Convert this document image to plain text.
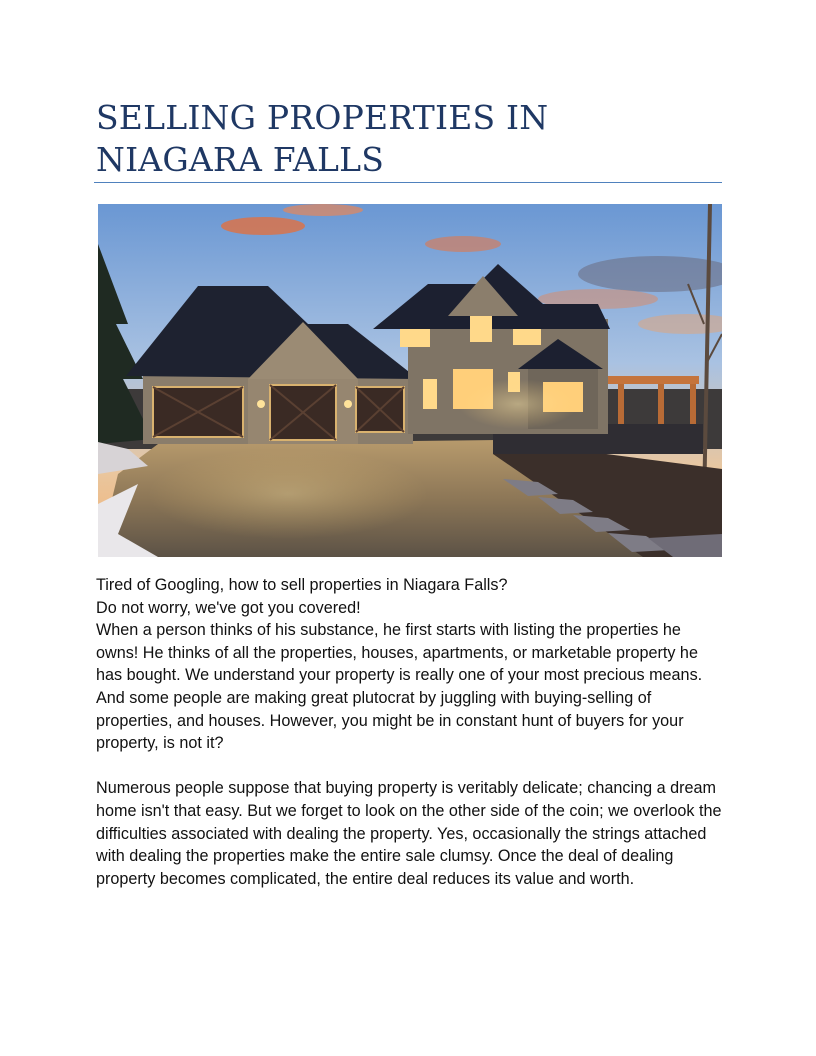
SELLING PROPERTIES IN NIAGARA FALLS

Tired of Googling, how to sell properties in Niagara Falls?

Do not worry, we've got you covered!

When a person thinks of his substance, he first starts with listing the properties he owns! He thinks of all the properties, houses, apartments, or marketable property he has bought. We understand your property is really one of your most precious means. And some people are making great plutocrat by juggling with buying-selling of properties, and houses. However, you might be in constant hunt of buyers for your property, is not it?

Numerous people suppose that buying property is veritably delicate; chancing a dream home isn't that easy. But we forget to look on the other side of the coin; we overlook the difficulties associated with dealing the property. Yes, occasionally the strings attached with dealing the properties make the entire sale clumsy. Once the deal of dealing property becomes complicated, the entire deal reduces its value and worth.
